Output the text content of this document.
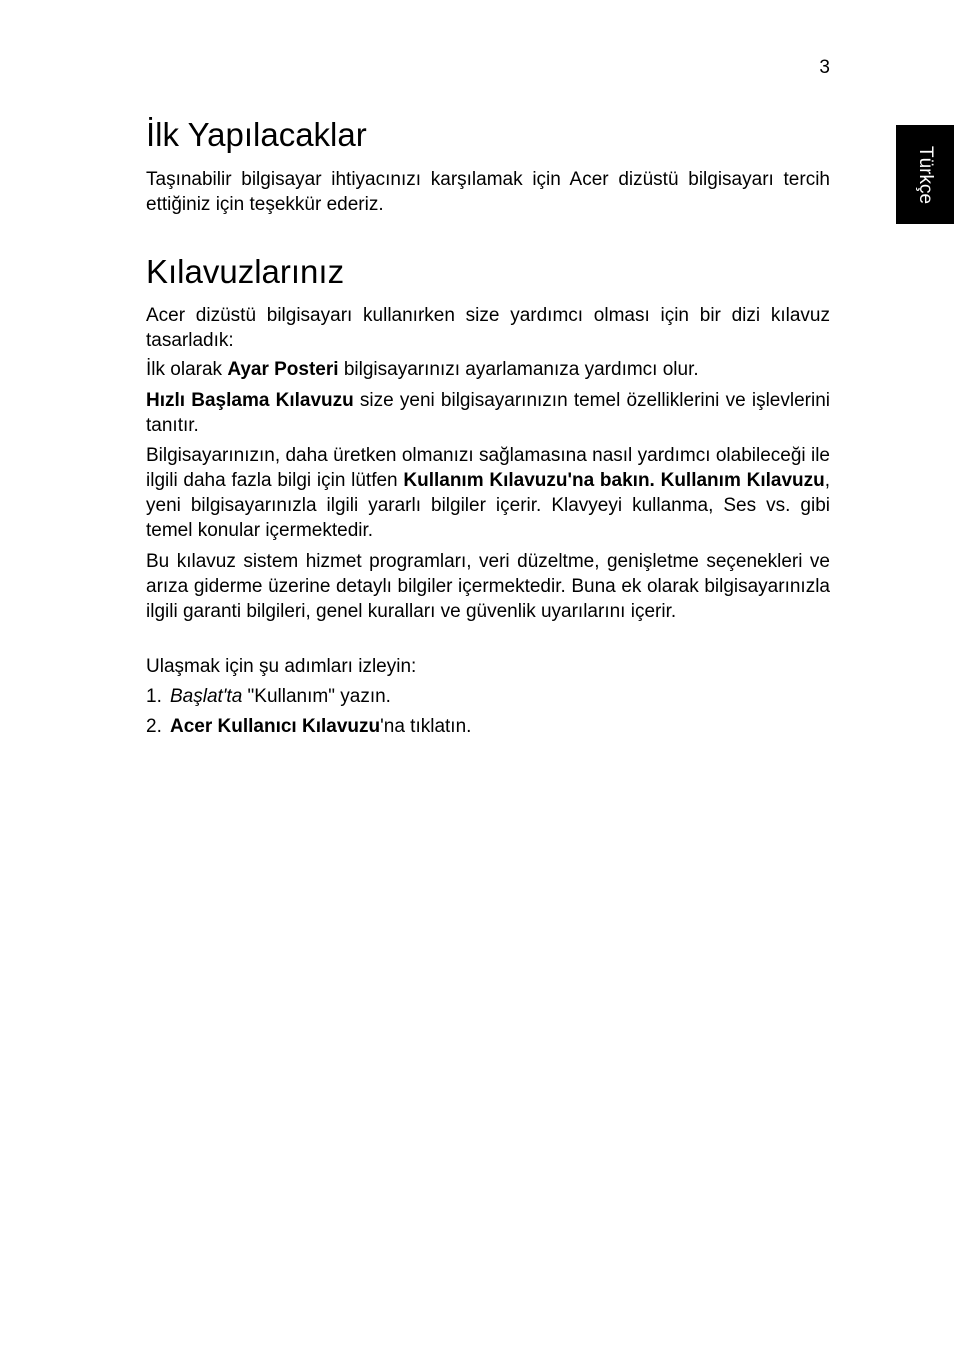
3
Türkçe
İlk Yapılacaklar

Taşınabilir bilgisayar ihtiyacınızı karşılamak için Acer dizüstü bilgisayarı tercih ettiğiniz için teşekkür ederiz.

Kılavuzlarınız

Acer dizüstü bilgisayarı kullanırken size yardımcı olması için bir dizi kılavuz tasarladık:

İlk olarak Ayar Posteri bilgisayarınızı ayarlamanıza yardımcı olur.

Hızlı Başlama Kılavuzu size yeni bilgisayarınızın temel özelliklerini ve işlevlerini tanıtır.

Bilgisayarınızın, daha üretken olmanızı sağlamasına nasıl yardımcı olabileceği ile ilgili daha fazla bilgi için lütfen Kullanım Kılavuzu'na bakın. Kullanım Kılavuzu, yeni bilgisayarınızla ilgili yararlı bilgiler içerir. Klavyeyi kullanma, Ses vs. gibi temel konular içermektedir.

Bu kılavuz sistem hizmet programları, veri düzeltme, genişletme seçenekleri ve arıza giderme üzerine detaylı bilgiler içermektedir. Buna ek olarak bilgisayarınızla ilgili garanti bilgileri, genel kuralları ve güvenlik uyarılarını içerir.

Ulaşmak için şu adımları izleyin:

1. Başlat'ta "Kullanım" yazın.
2. Acer Kullanıcı Kılavuzu'na tıklatın.
